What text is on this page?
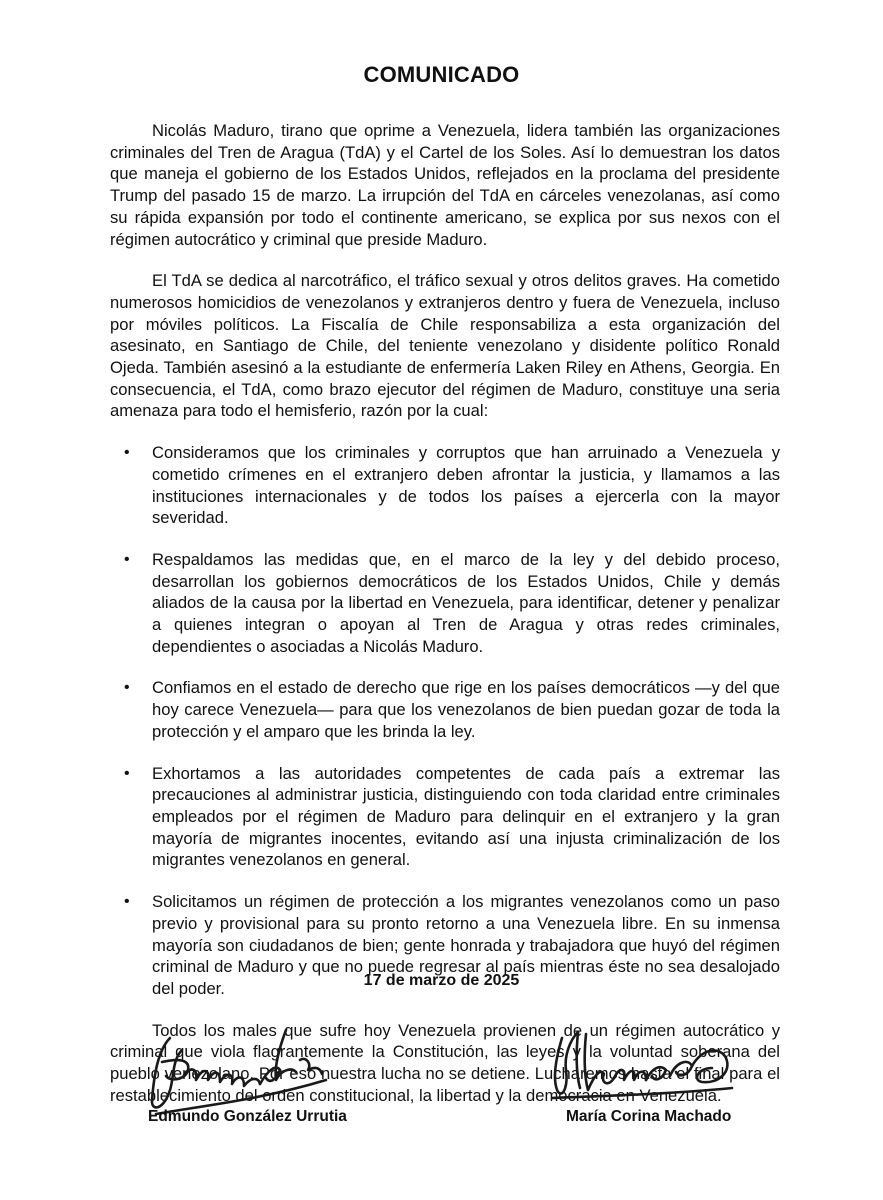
COMUNICADO

Nicolás Maduro, tirano que oprime a Venezuela, lidera también las organizaciones criminales del Tren de Aragua (TdA) y el Cartel de los Soles. Así lo demuestran los datos que maneja el gobierno de los Estados Unidos, reflejados en la proclama del presidente Trump del pasado 15 de marzo. La irrupción del TdA en cárceles venezolanas, así como su rápida expansión por todo el continente americano, se explica por sus nexos con el régimen autocrático y criminal que preside Maduro.

El TdA se dedica al narcotráfico, el tráfico sexual y otros delitos graves. Ha cometido numerosos homicidios de venezolanos y extranjeros dentro y fuera de Venezuela, incluso por móviles políticos. La Fiscalía de Chile responsabiliza a esta organización del asesinato, en Santiago de Chile, del teniente venezolano y disidente político Ronald Ojeda. También asesinó a la estudiante de enfermería Laken Riley en Athens, Georgia. En consecuencia, el TdA, como brazo ejecutor del régimen de Maduro, constituye una seria amenaza para todo el hemisferio, razón por la cual:

• Consideramos que los criminales y corruptos que han arruinado a Venezuela y cometido crímenes en el extranjero deben afrontar la justicia, y llamamos a las instituciones internacionales y de todos los países a ejercerla con la mayor severidad.
• Respaldamos las medidas que, en el marco de la ley y del debido proceso, desarrollan los gobiernos democráticos de los Estados Unidos, Chile y demás aliados de la causa por la libertad en Venezuela, para identificar, detener y penalizar a quienes integran o apoyan al Tren de Aragua y otras redes criminales, dependientes o asociadas a Nicolás Maduro.
• Confiamos en el estado de derecho que rige en los países democráticos —y del que hoy carece Venezuela— para que los venezolanos de bien puedan gozar de toda la protección y el amparo que les brinda la ley.
• Exhortamos a las autoridades competentes de cada país a extremar las precauciones al administrar justicia, distinguiendo con toda claridad entre criminales empleados por el régimen de Maduro para delinquir en el extranjero y la gran mayoría de migrantes inocentes, evitando así una injusta criminalización de los migrantes venezolanos en general.
• Solicitamos un régimen de protección a los migrantes venezolanos como un paso previo y provisional para su pronto retorno a una Venezuela libre. En su inmensa mayoría son ciudadanos de bien; gente honrada y trabajadora que huyó del régimen criminal de Maduro y que no puede regresar al país mientras éste no sea desalojado del poder.

Todos los males que sufre hoy Venezuela provienen de un régimen autocrático y criminal que viola flagrantemente la Constitución, las leyes y la voluntad soberana del pueblo venezolano. Por eso nuestra lucha no se detiene. Lucharemos hasta el final para el restablecimiento del orden constitucional, la libertad y la democracia en Venezuela.

17 de marzo de 2025
Edmundo González Urrutia	María Corina Machado
